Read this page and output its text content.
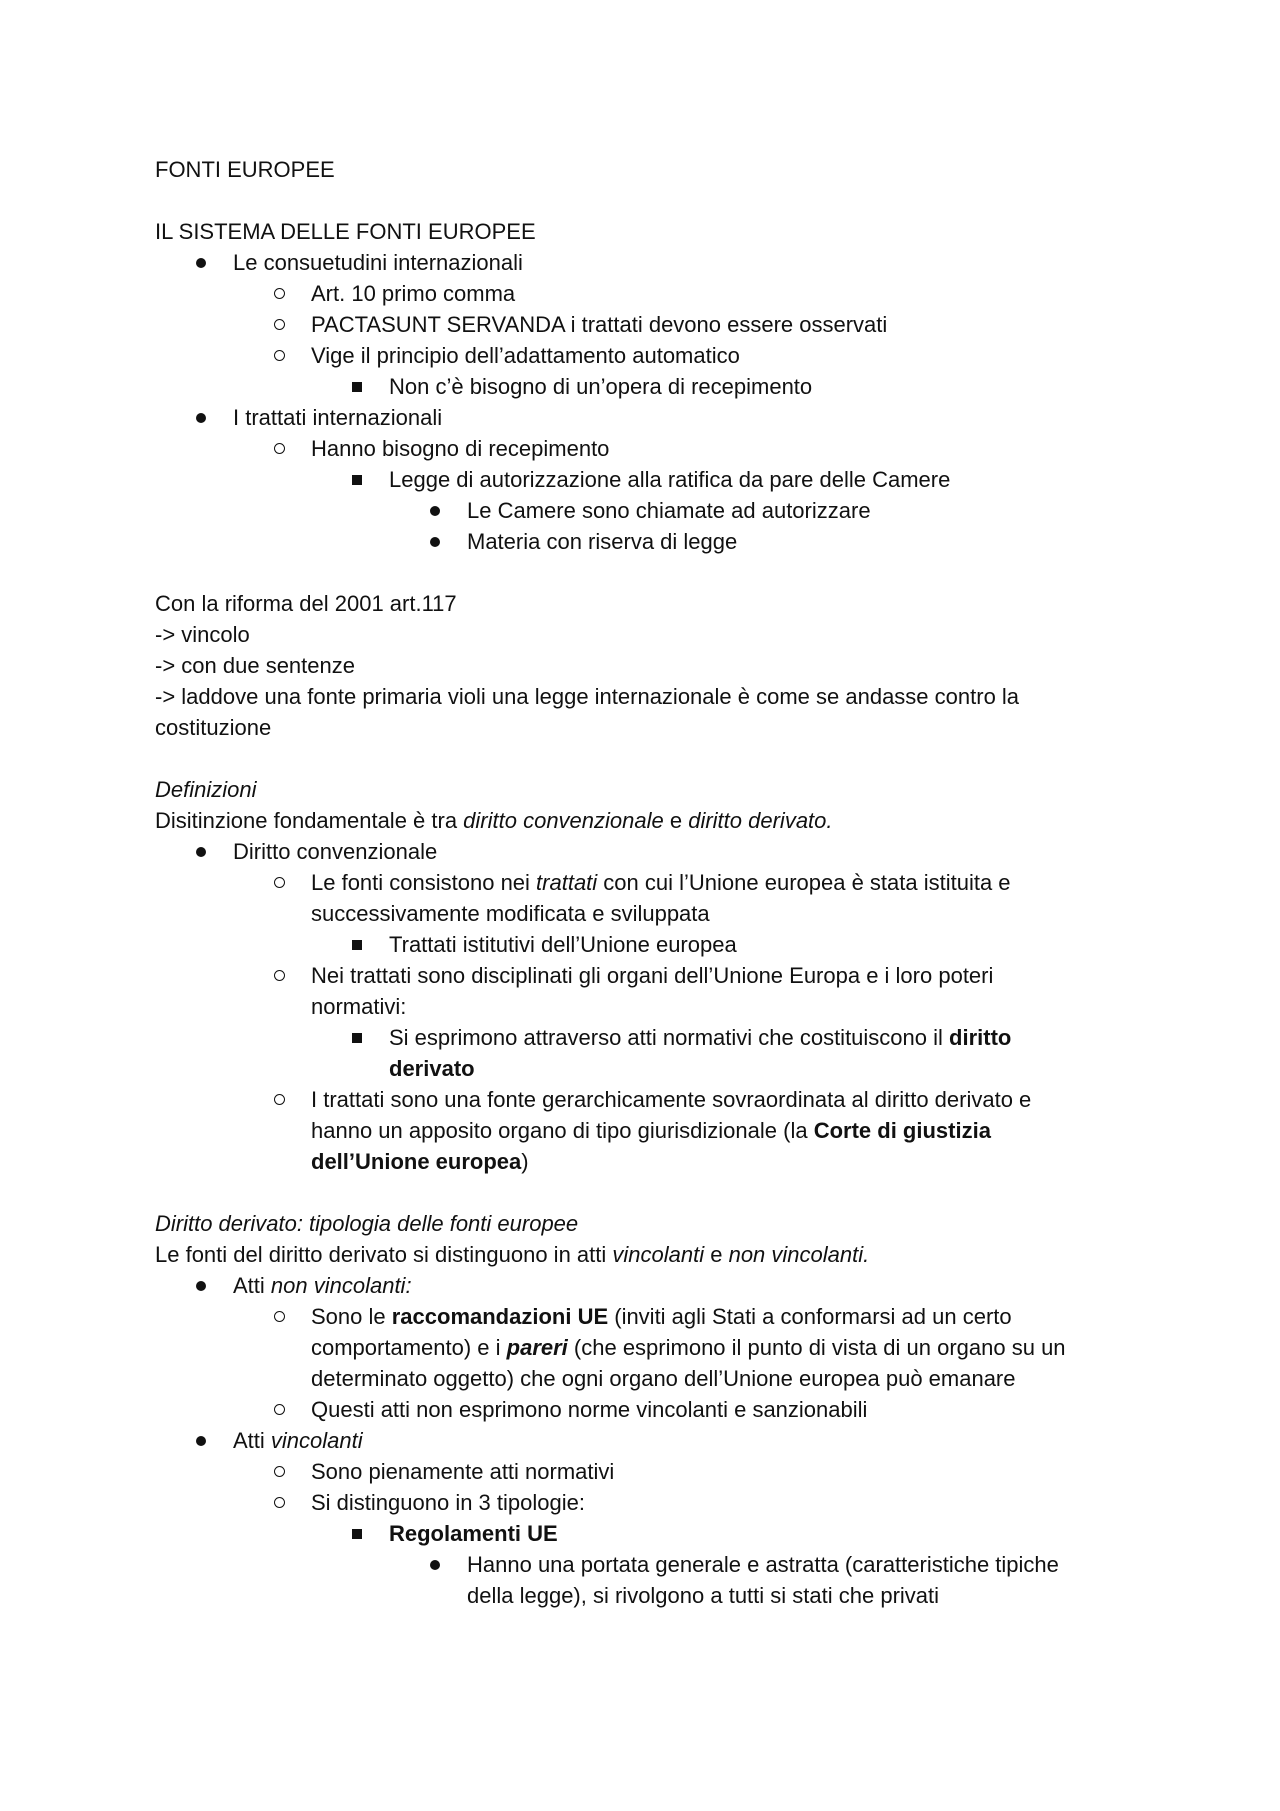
FONTI EUROPEE
IL SISTEMA DELLE FONTI EUROPEE
Le consuetudini internazionali
Art. 10 primo comma
PACTASUNT SERVANDA i trattati devono essere osservati
Vige il principio dell’adattamento automatico
Non c’è bisogno di un’opera di recepimento
I trattati internazionali
Hanno bisogno di recepimento
Legge di autorizzazione alla ratifica da pare delle Camere
Le Camere sono chiamate ad autorizzare
Materia con riserva di legge
Con la riforma del 2001 art.117
-> vincolo
-> con due sentenze
-> laddove una fonte primaria violi una legge internazionale è come se andasse contro la
costituzione
Definizioni
Disitinzione fondamentale è tra diritto convenzionale e diritto derivato.
Diritto convenzionale
Le fonti consistono nei trattati con cui l’Unione europea è stata istituita e
successivamente modificata e sviluppata
Trattati istitutivi dell’Unione europea
Nei trattati sono disciplinati gli organi dell’Unione Europa e i loro poteri
normativi:
Si esprimono attraverso atti normativi che costituiscono il diritto
derivato
I trattati sono una fonte gerarchicamente sovraordinata al diritto derivato e
hanno un apposito organo di tipo giurisdizionale (la Corte di giustizia
dell’Unione europea)
Diritto derivato: tipologia delle fonti europee
Le fonti del diritto derivato si distinguono in atti vincolanti e non vincolanti.
Atti non vincolanti:
Sono le raccomandazioni UE (inviti agli Stati a conformarsi ad un certo
comportamento) e i pareri (che esprimono il punto di vista di un organo su un
determinato oggetto) che ogni organo dell’Unione europea può emanare
Questi atti non esprimono norme vincolanti e sanzionabili
Atti vincolanti
Sono pienamente atti normativi
Si distinguono in 3 tipologie:
Regolamenti UE
Hanno una portata generale e astratta (caratteristiche tipiche
della legge), si rivolgono a tutti si stati che privati
